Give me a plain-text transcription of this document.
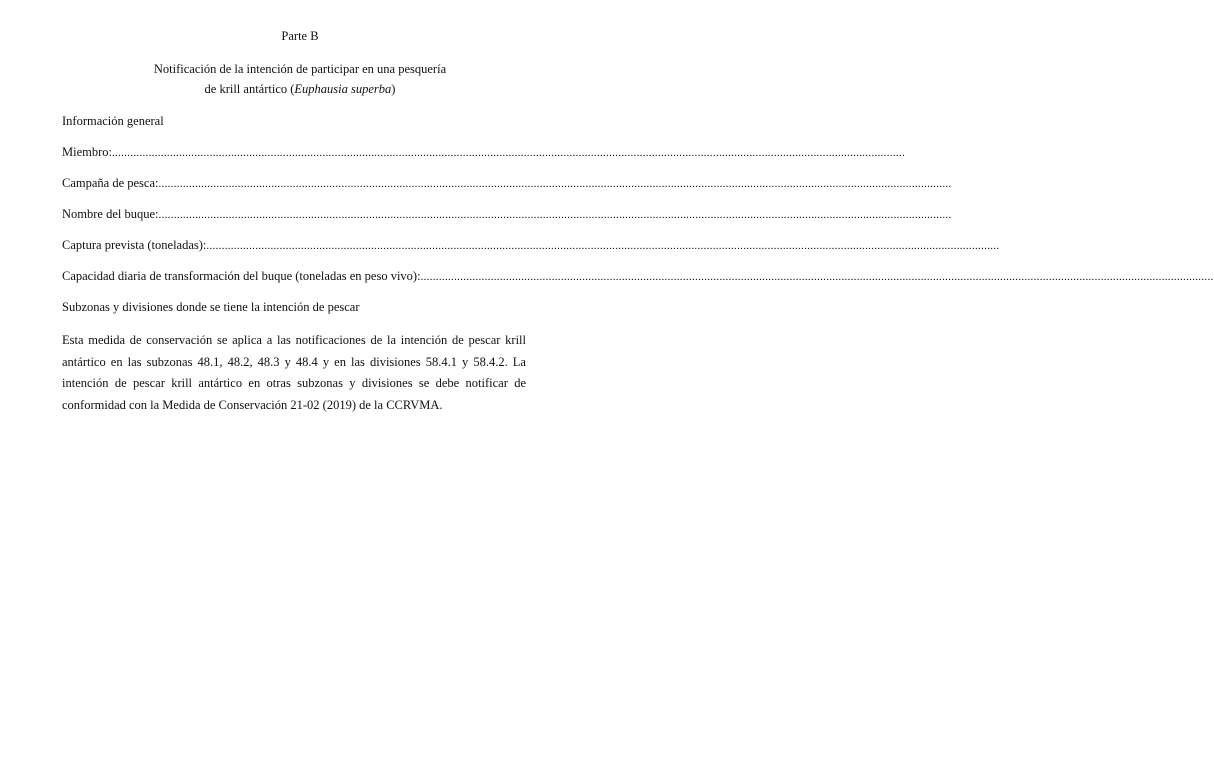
Parte B
Notificación de la intención de participar en una pesquería
de krill antártico (Euphausia superba)
Información general
Miembro: ....................................................................................................................................................................................................................................................................
Campaña de pesca: ....................................................................................................................................................................................................................................................................
Nombre del buque: ....................................................................................................................................................................................................................................................................
Captura prevista (toneladas): ....................................................................................................................................................................................................................................................................
Capacidad diaria de transformación del buque (toneladas en peso vivo): ....................................................................................................................................................................................................................................................................
Subzonas y divisiones donde se tiene la intención de pescar
Esta medida de conservación se aplica a las notificaciones de la intención de pescar krill antártico en las subzonas 48.1, 48.2, 48.3 y 48.4 y en las divisiones 58.4.1 y 58.4.2. La intención de pescar krill antártico en otras subzonas y divisiones se debe notificar de conformidad con la Medida de Conservación 21-02 (2019) de la CCRVMA.
